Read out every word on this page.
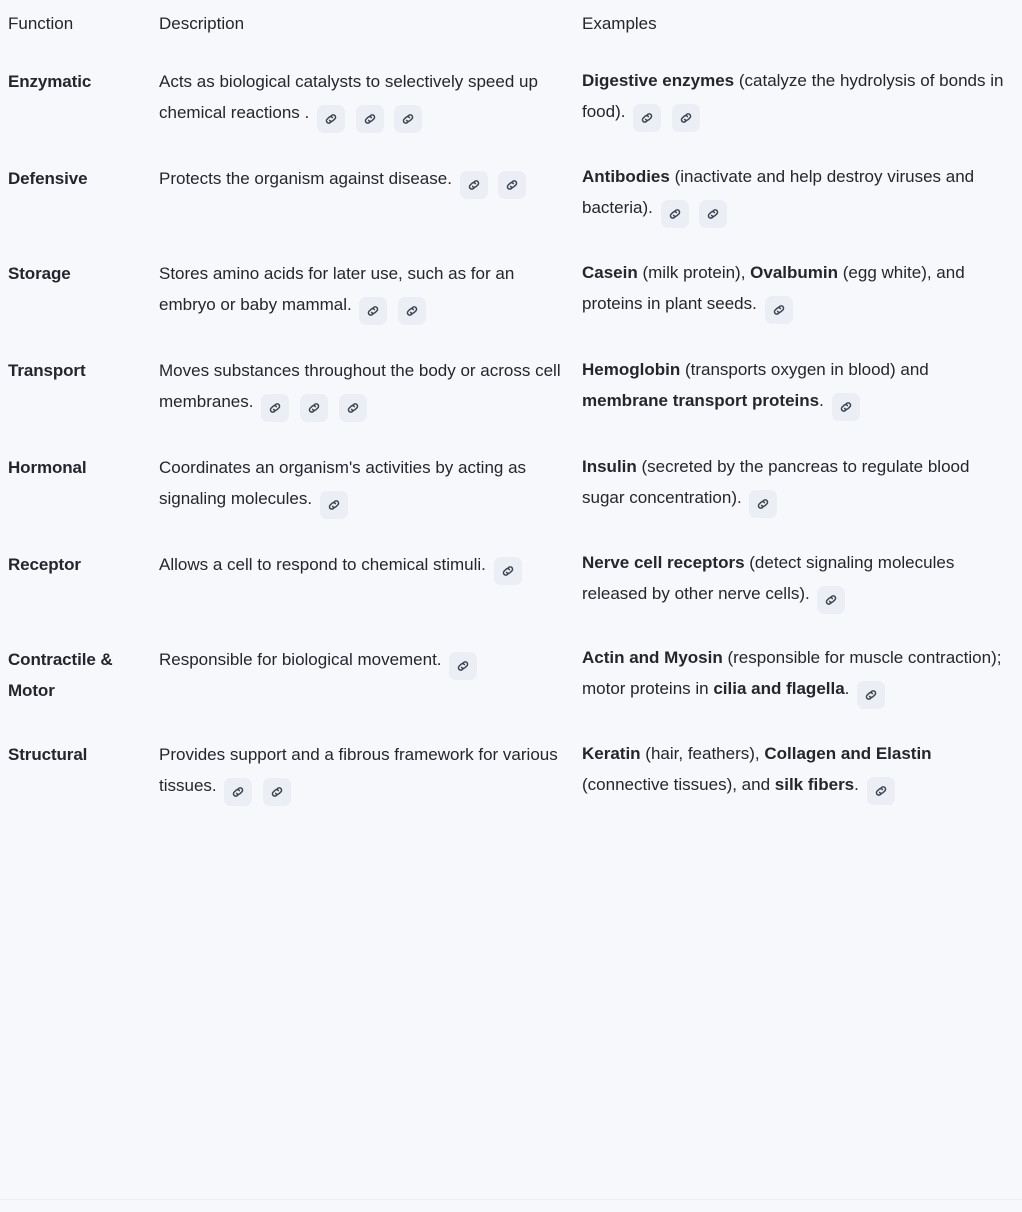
Function	Description	Examples
Enzymatic	Acts as biological catalysts to selectively speed up chemical reactions .	Digestive enzymes (catalyze the hydrolysis of bonds in food).

Defensive	Protects the organism against disease.	Antibodies (inactivate and help destroy viruses and bacteria).

Storage	Stores amino acids for later use, such as for an embryo or baby mammal.	Casein (milk protein), Ovalbumin (egg white), and proteins in plant seeds.

Transport	Moves substances throughout the body or across cell membranes.	Hemoglobin (transports oxygen in blood) and membrane transport proteins.

Hormonal	Coordinates an organism's activities by acting as signaling molecules.	Insulin (secreted by the pancreas to regulate blood sugar concentration).

Receptor	Allows a cell to respond to chemical stimuli.	Nerve cell receptors (detect signaling molecules released by other nerve cells).

Contractile & Motor	Responsible for biological movement.	Actin and Myosin (responsible for muscle contraction); motor proteins in cilia and flagella.

Structural	Provides support and a fibrous framework for various tissues.	Keratin (hair, feathers), Collagen and Elastin (connective tissues), and silk fibers.
